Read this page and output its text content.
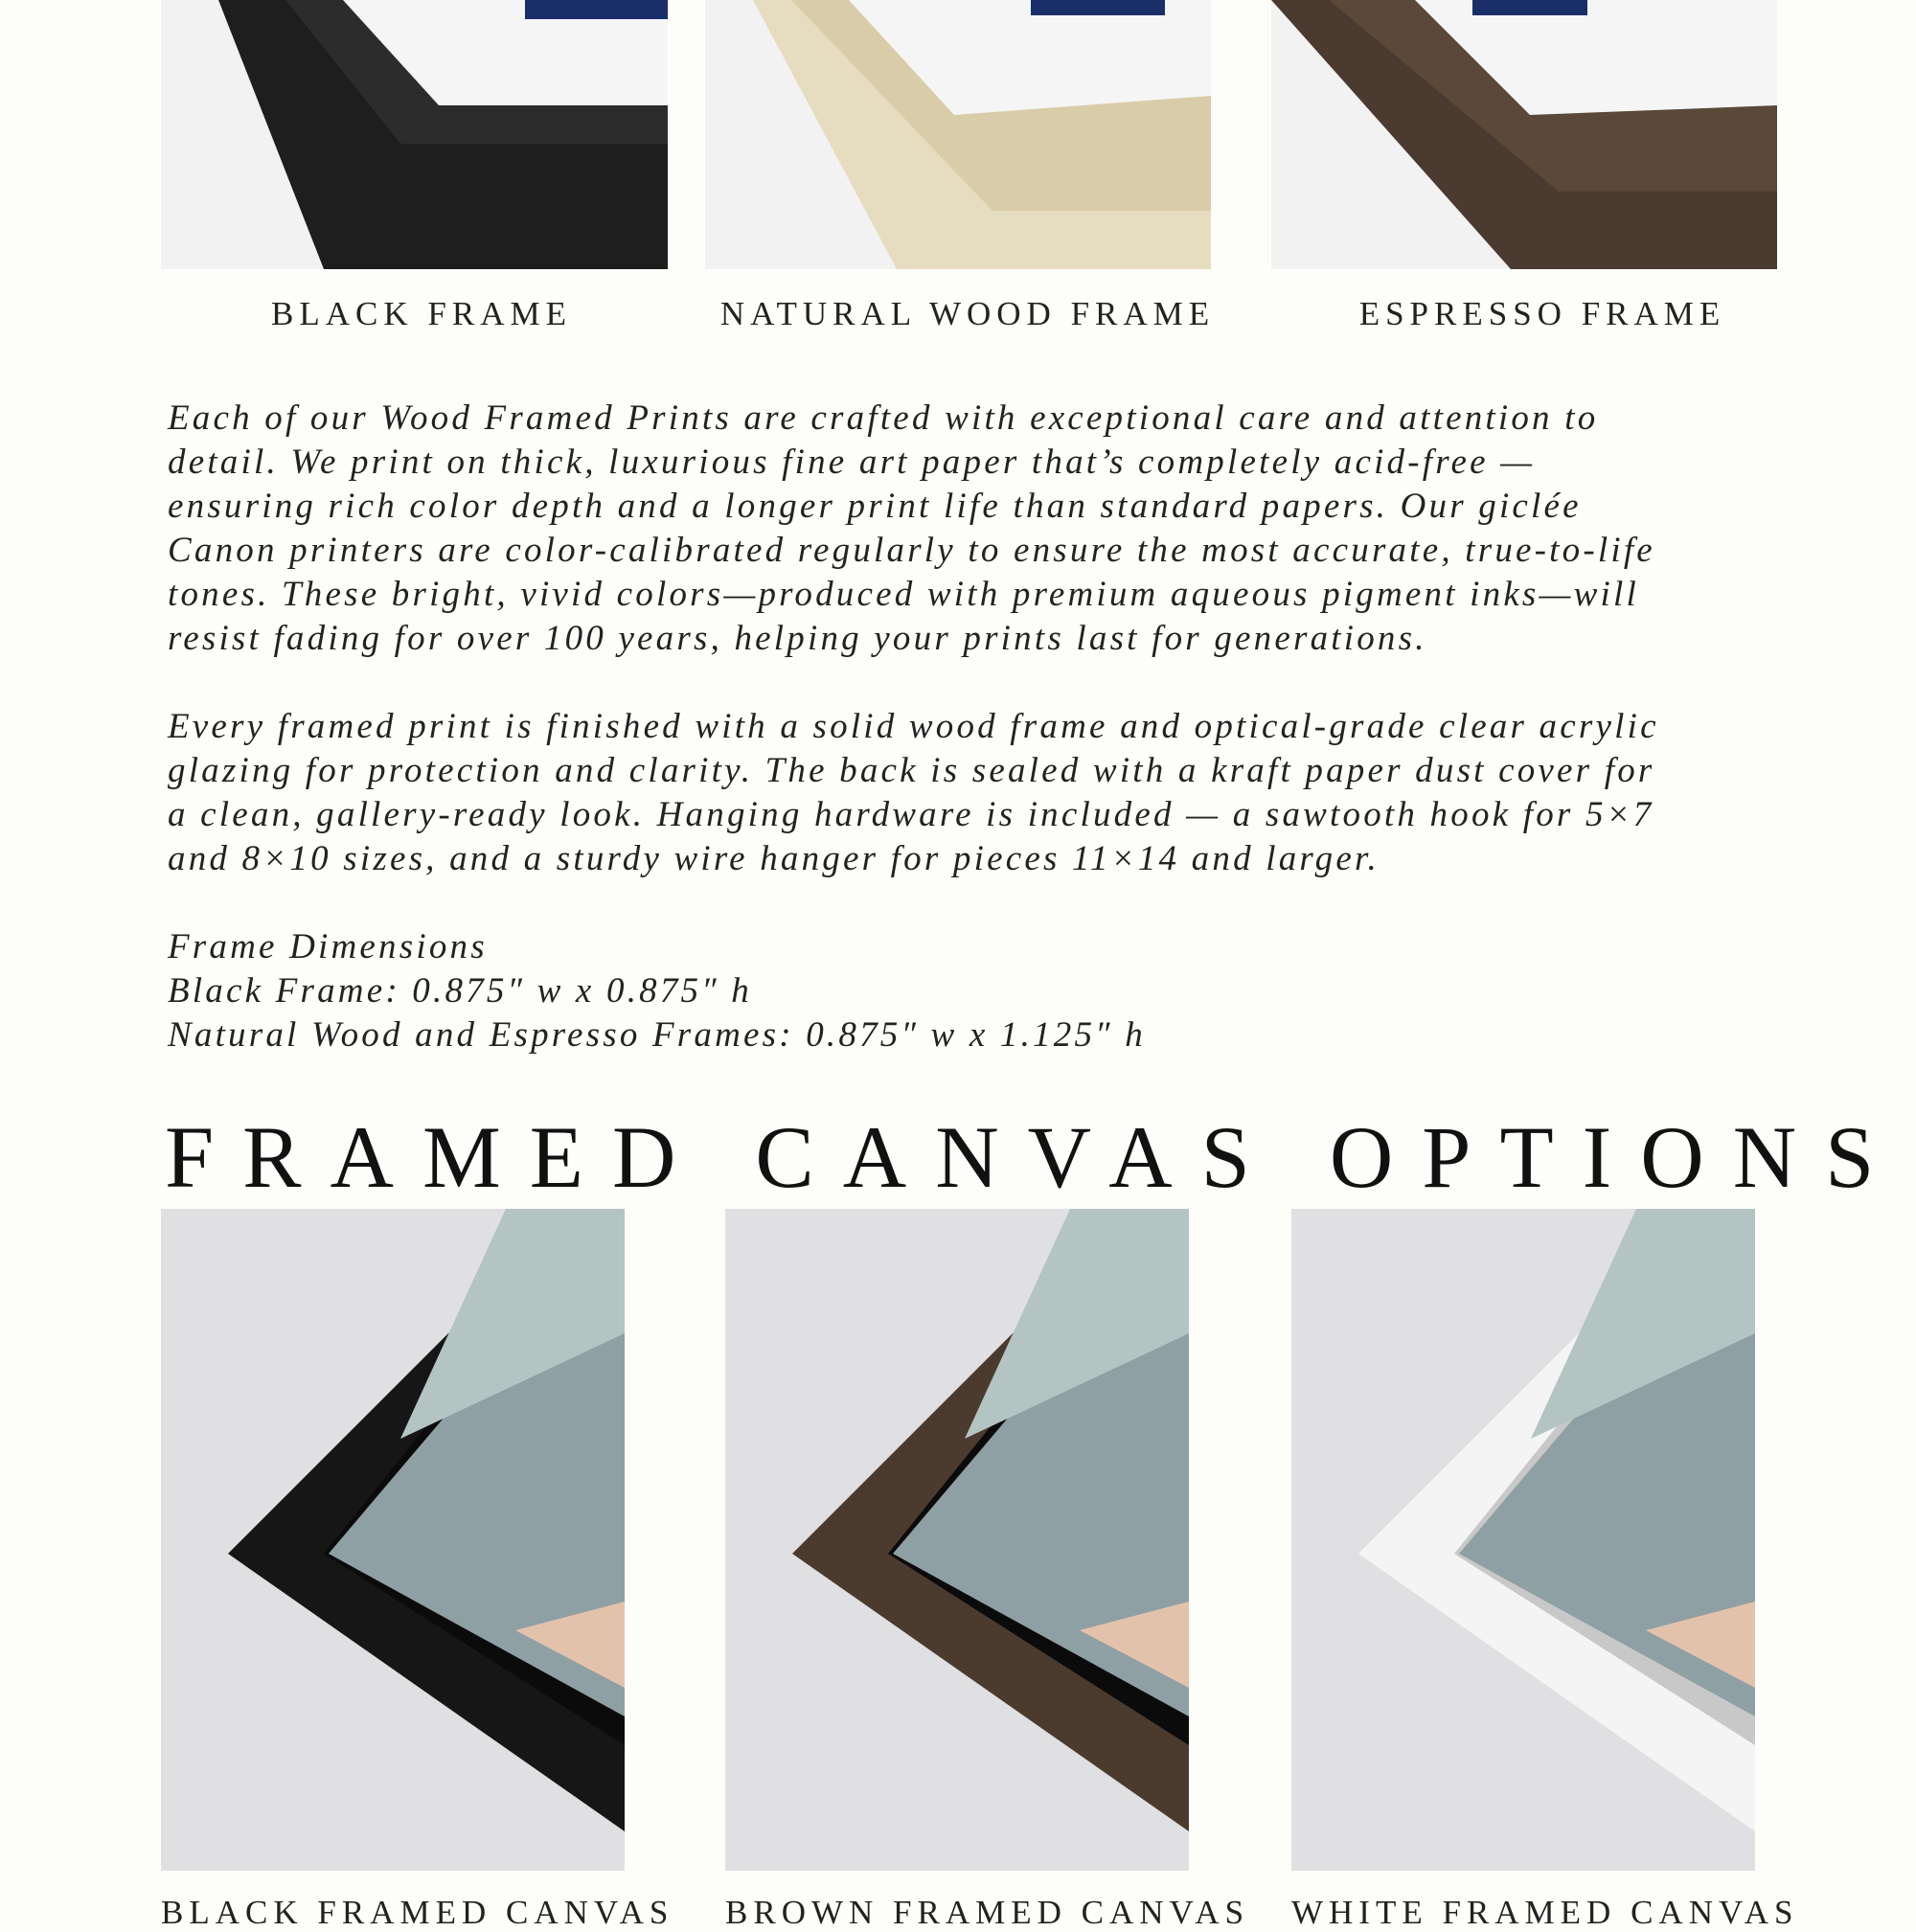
BLACK FRAME	NATURAL WOOD FRAME	ESPRESSO FRAME

Each of our Wood Framed Prints are crafted with exceptional care and attention to
detail. We print on thick, luxurious fine art paper that’s completely acid-free —
ensuring rich color depth and a longer print life than standard papers. Our giclée
Canon printers are color-calibrated regularly to ensure the most accurate, true-to-life
tones. These bright, vivid colors—produced with premium aqueous pigment inks—will
resist fading for over 100 years, helping your prints last for generations.

Every framed print is finished with a solid wood frame and optical-grade clear acrylic
glazing for protection and clarity. The back is sealed with a kraft paper dust cover for
a clean, gallery-ready look. Hanging hardware is included — a sawtooth hook for 5×7
and 8×10 sizes, and a sturdy wire hanger for pieces 11×14 and larger.

Frame Dimensions
Black Frame: 0.875″ w x 0.875″ h
Natural Wood and Espresso Frames: 0.875″ w x 1.125″ h

FRAMED CANVAS OPTIONS
BLACK FRAMED CANVAS BROWN FRAMED CANVAS WHITE FRAMED CANVAS
